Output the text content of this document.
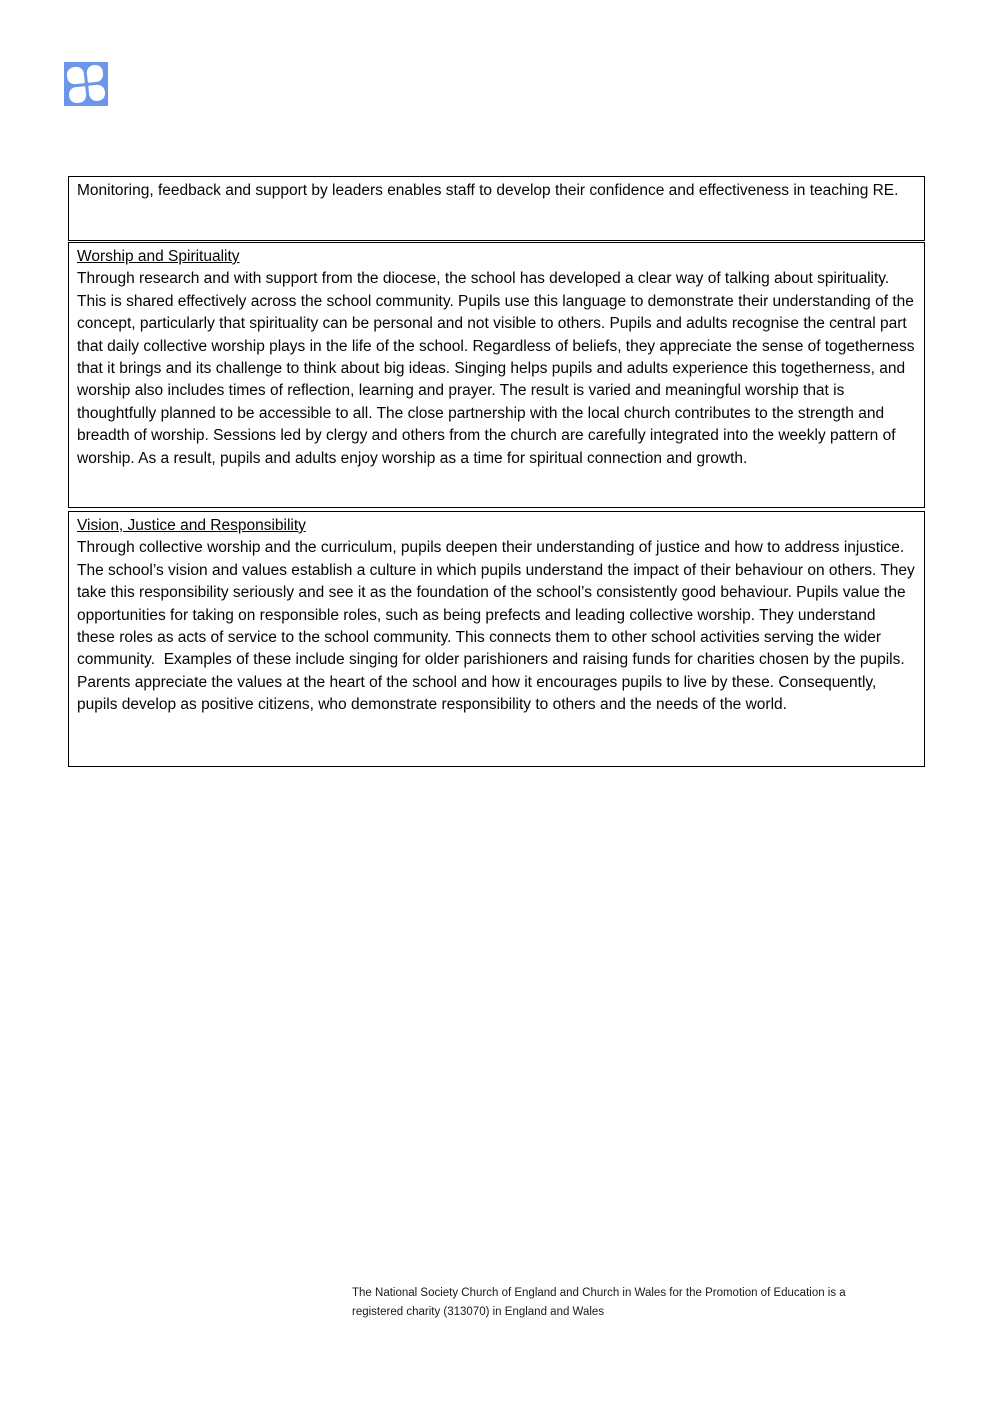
Monitoring, feedback and support by leaders enables staff to develop their confidence and effectiveness in teaching RE.
Worship and Spirituality
Through research and with support from the diocese, the school has developed a clear way of talking about spirituality. This is shared effectively across the school community. Pupils use this language to demonstrate their understanding of the concept, particularly that spirituality can be personal and not visible to others. Pupils and adults recognise the central part that daily collective worship plays in the life of the school. Regardless of beliefs, they appreciate the sense of togetherness that it brings and its challenge to think about big ideas. Singing helps pupils and adults experience this togetherness, and worship also includes times of reflection, learning and prayer. The result is varied and meaningful worship that is thoughtfully planned to be accessible to all. The close partnership with the local church contributes to the strength and breadth of worship. Sessions led by clergy and others from the church are carefully integrated into the weekly pattern of worship. As a result, pupils and adults enjoy worship as a time for spiritual connection and growth.
Vision, Justice and Responsibility
Through collective worship and the curriculum, pupils deepen their understanding of justice and how to address injustice. The school’s vision and values establish a culture in which pupils understand the impact of their behaviour on others. They take this responsibility seriously and see it as the foundation of the school’s consistently good behaviour. Pupils value the opportunities for taking on responsible roles, such as being prefects and leading collective worship. They understand these roles as acts of service to the school community. This connects them to other school activities serving the wider community.  Examples of these include singing for older parishioners and raising funds for charities chosen by the pupils. Parents appreciate the values at the heart of the school and how it encourages pupils to live by these. Consequently, pupils develop as positive citizens, who demonstrate responsibility to others and the needs of the world.
The National Society Church of England and Church in Wales for the Promotion of Education is a registered charity (313070) in England and Wales
